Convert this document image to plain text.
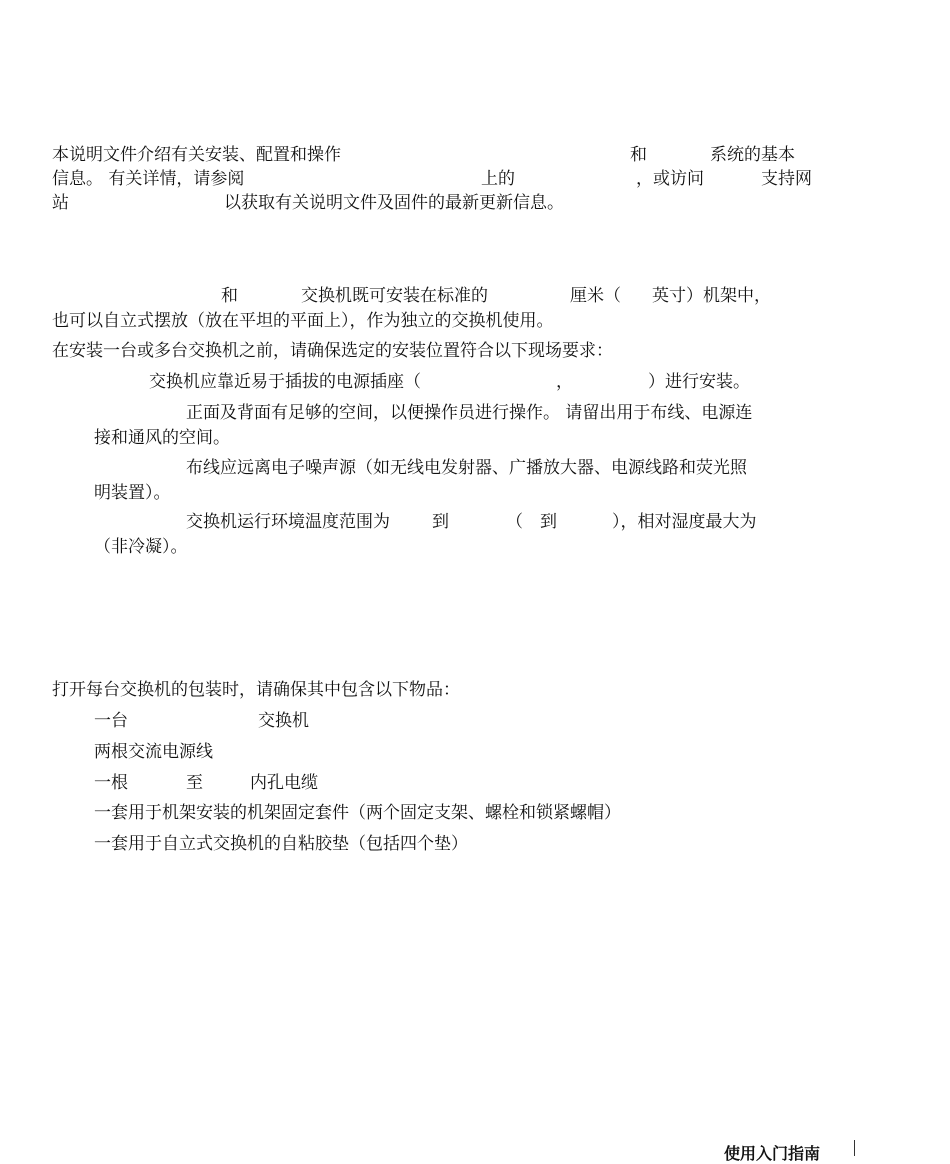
本说明文件介绍有关安装、配置和操作	和	系统的基本
信息。 有关详情，请参阅	上的	，或访问	支持网
站	以获取有关说明文件及固件的最新更新信息。
和	交换机既可安装在标准的	厘米（ 英寸）机架中，
也可以自立式摆放（放在平坦的平面上），作为独立的交换机使用。
在安装一台或多台交换机之前，请确保选定的安装位置符合以下现场要求：
交换机应靠近易于插拔的电源插座（	，	）进行安装。
正面及背面有足够的空间，以便操作员进行操作。 请留出用于布线、电源连
接和通风的空间。
布线应远离电子噪声源（如无线电发射器、广播放大器、电源线路和荧光照
明装置）。
交换机运行环境温度范围为 到	（ 到	），相对湿度最大为
（非冷凝）。
打开每台交换机的包装时，请确保其中包含以下物品：
一台	交换机
两根交流电源线
一根	至	内孔电缆
一套用于机架安装的机架固定套件（两个固定支架、螺栓和锁紧螺帽）
一套用于自立式交换机的自粘胶垫（包括四个垫）
使用入门指南
